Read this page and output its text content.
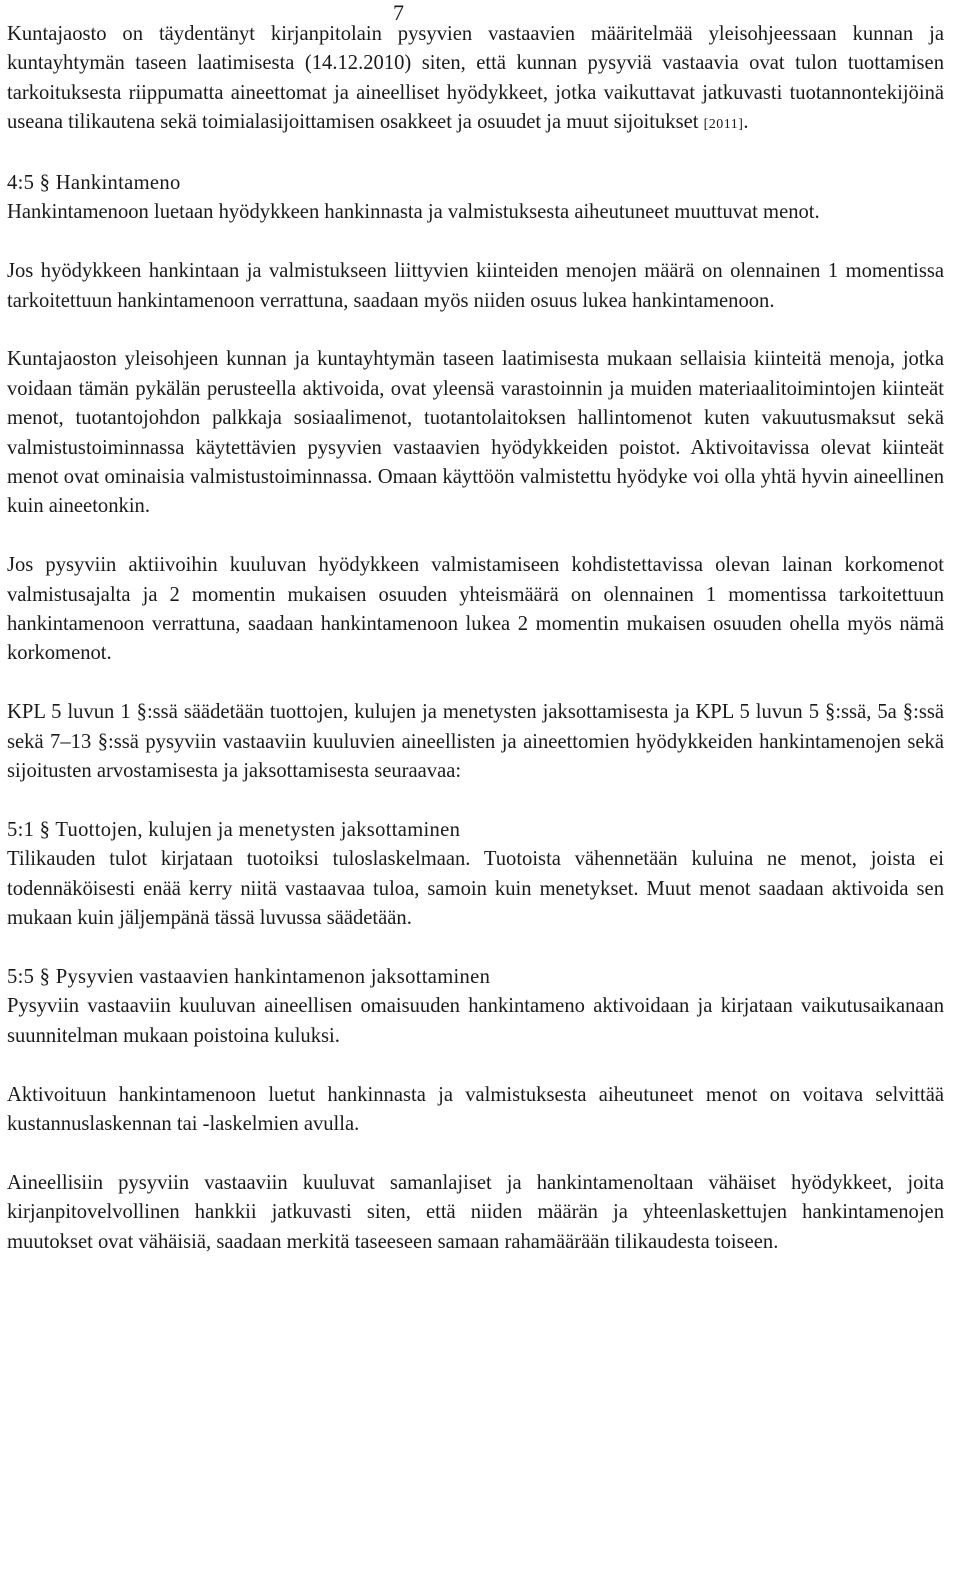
7

Kuntajaosto on täydentänyt kirjanpitolain pysyvien vastaavien määritelmää yleisohjeessaan kunnan ja kuntayhtymän taseen laatimisesta (14.12.2010) siten, että kunnan pysyviä vastaavia ovat tulon tuottamisen tarkoituksesta riippumatta aineettomat ja aineelliset hyödykkeet, jotka vaikuttavat jatkuvasti tuotannontekijöinä useana tilikautena sekä toimialasijoittamisen osakkeet ja osuudet ja muut sijoitukset [2011].

4:5 § Hankintameno
Hankintamenoon luetaan hyödykkeen hankinnasta ja valmistuksesta aiheutuneet muuttuvat menot.

Jos hyödykkeen hankintaan ja valmistukseen liittyvien kiinteiden menojen määrä on olennainen 1 momentissa tarkoitettuun hankintamenoon verrattuna, saadaan myös niiden osuus lukea hankintamenoon.

Kuntajaoston yleisohjeen kunnan ja kuntayhtymän taseen laatimisesta mukaan sellaisia kiinteitä menoja, jotka voidaan tämän pykälän perusteella aktivoida, ovat yleensä varastoinnin ja muiden materiaalitoimintojen kiinteät menot, tuotantojohdon palkkaja sosiaalimenot, tuotantolaitoksen hallintomenot kuten vakuutusmaksut sekä valmistustoiminnassa käytettävien pysyvien vastaavien hyödykkeiden poistot. Aktivoitavissa olevat kiinteät menot ovat ominaisia valmistustoiminnassa. Omaan käyttöön valmistettu hyödyke voi olla yhtä hyvin aineellinen kuin aineetonkin.

Jos pysyviin aktiivoihin kuuluvan hyödykkeen valmistamiseen kohdistettavissa olevan lainan korkomenot valmistusajalta ja 2 momentin mukaisen osuuden yhteismäärä on olennainen 1 momentissa tarkoitettuun hankintamenoon verrattuna, saadaan hankintamenoon lukea 2 momentin mukaisen osuuden ohella myös nämä korkomenot.

KPL 5 luvun 1 §:ssä säädetään tuottojen, kulujen ja menetysten jaksottamisesta ja KPL 5 luvun 5 §:ssä, 5a §:ssä sekä 7–13 §:ssä pysyviin vastaaviin kuuluvien aineellisten ja aineettomien hyödykkeiden hankintamenojen sekä sijoitusten arvostamisesta ja jaksottamisesta seuraavaa:

5:1 § Tuottojen, kulujen ja menetysten jaksottaminen
Tilikauden tulot kirjataan tuotoiksi tuloslaskelmaan. Tuotoista vähennetään kuluina ne menot, joista ei todennäköisesti enää kerry niitä vastaavaa tuloa, samoin kuin menetykset. Muut menot saadaan aktivoida sen mukaan kuin jäljempänä tässä luvussa säädetään.

5:5 § Pysyvien vastaavien hankintamenon jaksottaminen
Pysyviin vastaaviin kuuluvan aineellisen omaisuuden hankintameno aktivoidaan ja kirjataan vaikutusaikanaan suunnitelman mukaan poistoina kuluksi.

Aktivoituun hankintamenoon luetut hankinnasta ja valmistuksesta aiheutuneet menot on voitava selvittää kustannuslaskennan tai -laskelmien avulla.

Aineellisiin pysyviin vastaaviin kuuluvat samanlajiset ja hankintamenoltaan vähäiset hyödykkeet, joita kirjanpitovelvollinen hankkii jatkuvasti siten, että niiden määrän ja yhteenlaskettujen hankintamenojen muutokset ovat vähäisiä, saadaan merkitä taseeseen samaan rahamäärään tilikaudesta toiseen.
